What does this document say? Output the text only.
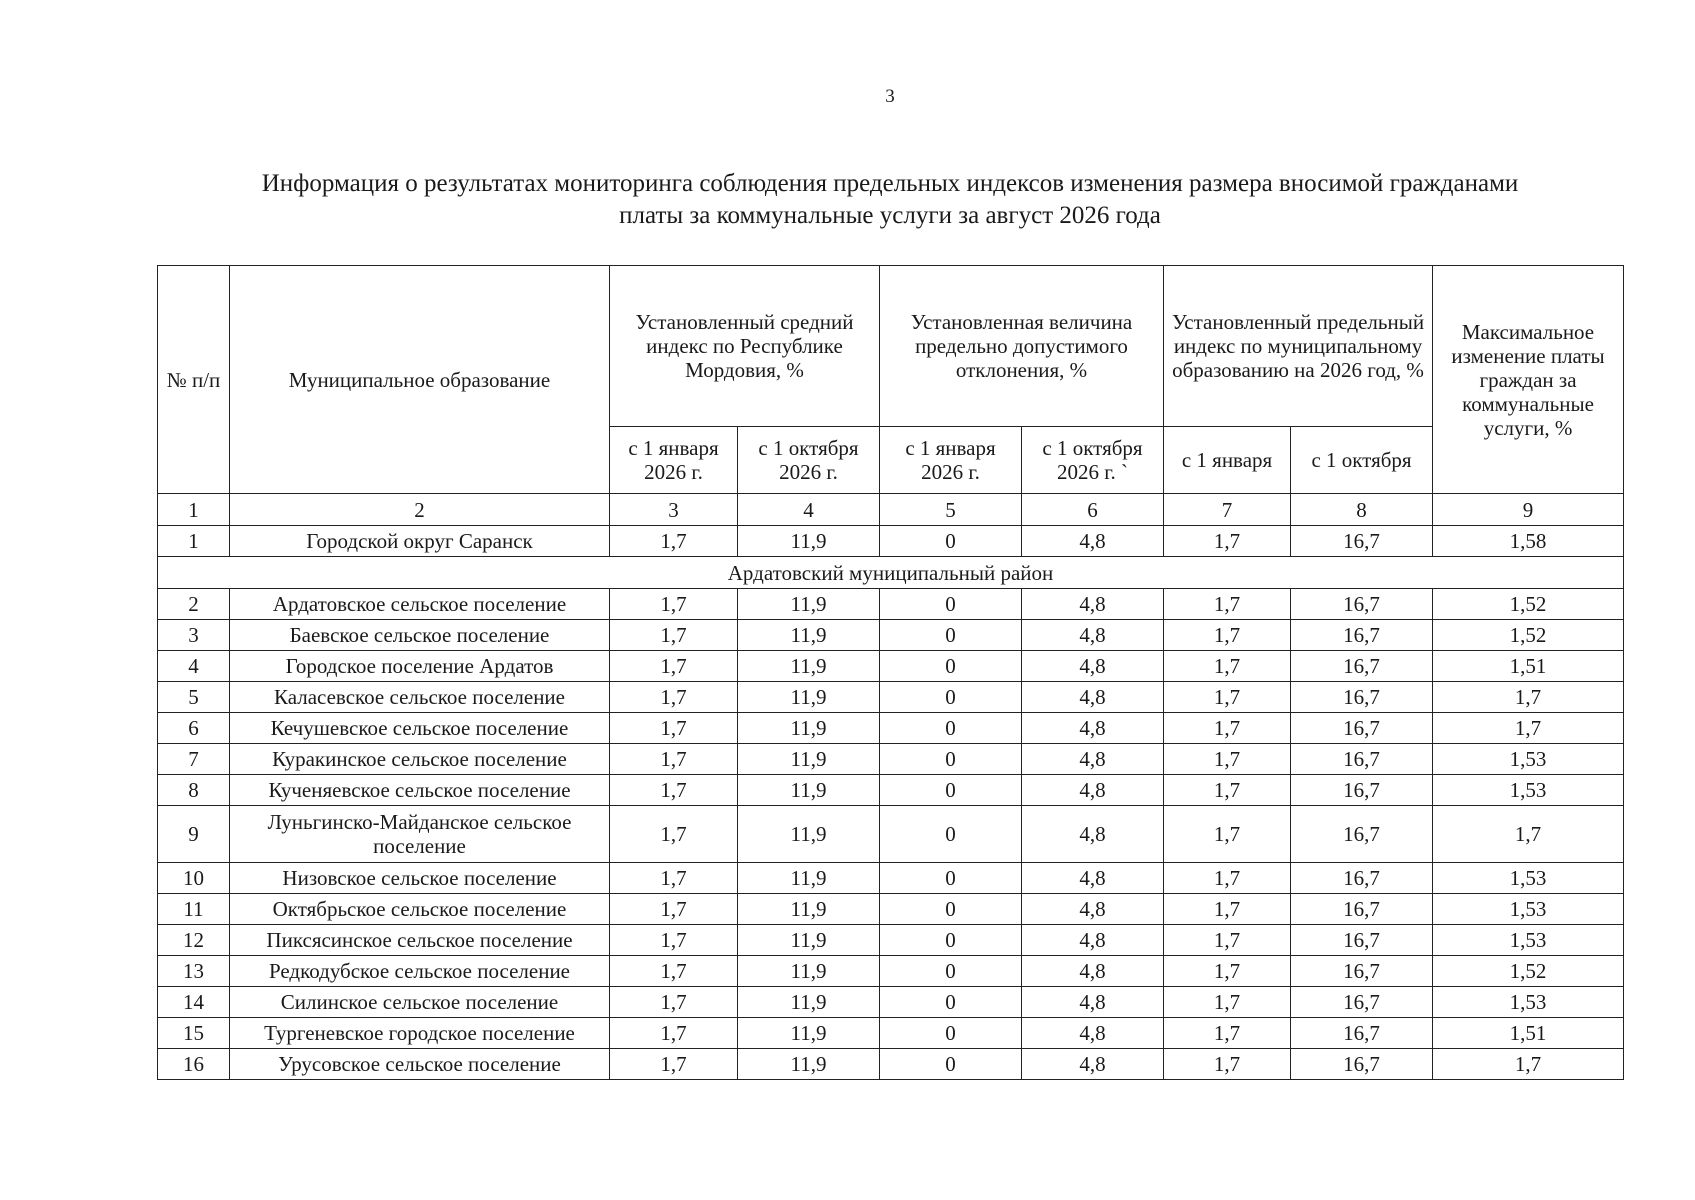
3
Информация о результатах мониторинга соблюдения предельных индексов изменения размера вносимой гражданами
платы за коммунальные услуги за август 2026 года
№ п/п	Муниципальное образование	Установленный средний индекс по Республике Мордовия, %		Установленная величина предельно допустимого отклонения, %		Установленный предельный индекс по муниципальному образованию на 2026 год, %		Максимальное изменение платы граждан за коммунальные услуги, %
		с 1 января 2026 г.	с 1 октября 2026 г.	с 1 января 2026 г.	с 1 октября 2026 г. `	с 1 января	с 1 октября	
1	2	3	4	5	6	7	8	9
1	Городской округ Саранск	1,7	11,9	0	4,8	1,7	16,7	1,58
Ардатовский муниципальный район								
2	Ардатовское сельское поселение	1,7	11,9	0	4,8	1,7	16,7	1,52
3	Баевское сельское поселение	1,7	11,9	0	4,8	1,7	16,7	1,52
4	Городское поселение Ардатов	1,7	11,9	0	4,8	1,7	16,7	1,51
5	Каласевское сельское поселение	1,7	11,9	0	4,8	1,7	16,7	1,7
6	Кечушевское сельское поселение	1,7	11,9	0	4,8	1,7	16,7	1,7
7	Куракинское сельское поселение	1,7	11,9	0	4,8	1,7	16,7	1,53
8	Кученяевское сельское поселение	1,7	11,9	0	4,8	1,7	16,7	1,53
9	Луньгинско-Майданское сельское поселение	1,7	11,9	0	4,8	1,7	16,7	1,7
10	Низовское сельское поселение	1,7	11,9	0	4,8	1,7	16,7	1,53
11	Октябрьское сельское поселение	1,7	11,9	0	4,8	1,7	16,7	1,53
12	Пиксясинское сельское поселение	1,7	11,9	0	4,8	1,7	16,7	1,53
13	Редкодубское сельское поселение	1,7	11,9	0	4,8	1,7	16,7	1,52
14	Силинское сельское поселение	1,7	11,9	0	4,8	1,7	16,7	1,53
15	Тургеневское городское поселение	1,7	11,9	0	4,8	1,7	16,7	1,51
16	Урусовское сельское поселение	1,7	11,9	0	4,8	1,7	16,7	1,7
